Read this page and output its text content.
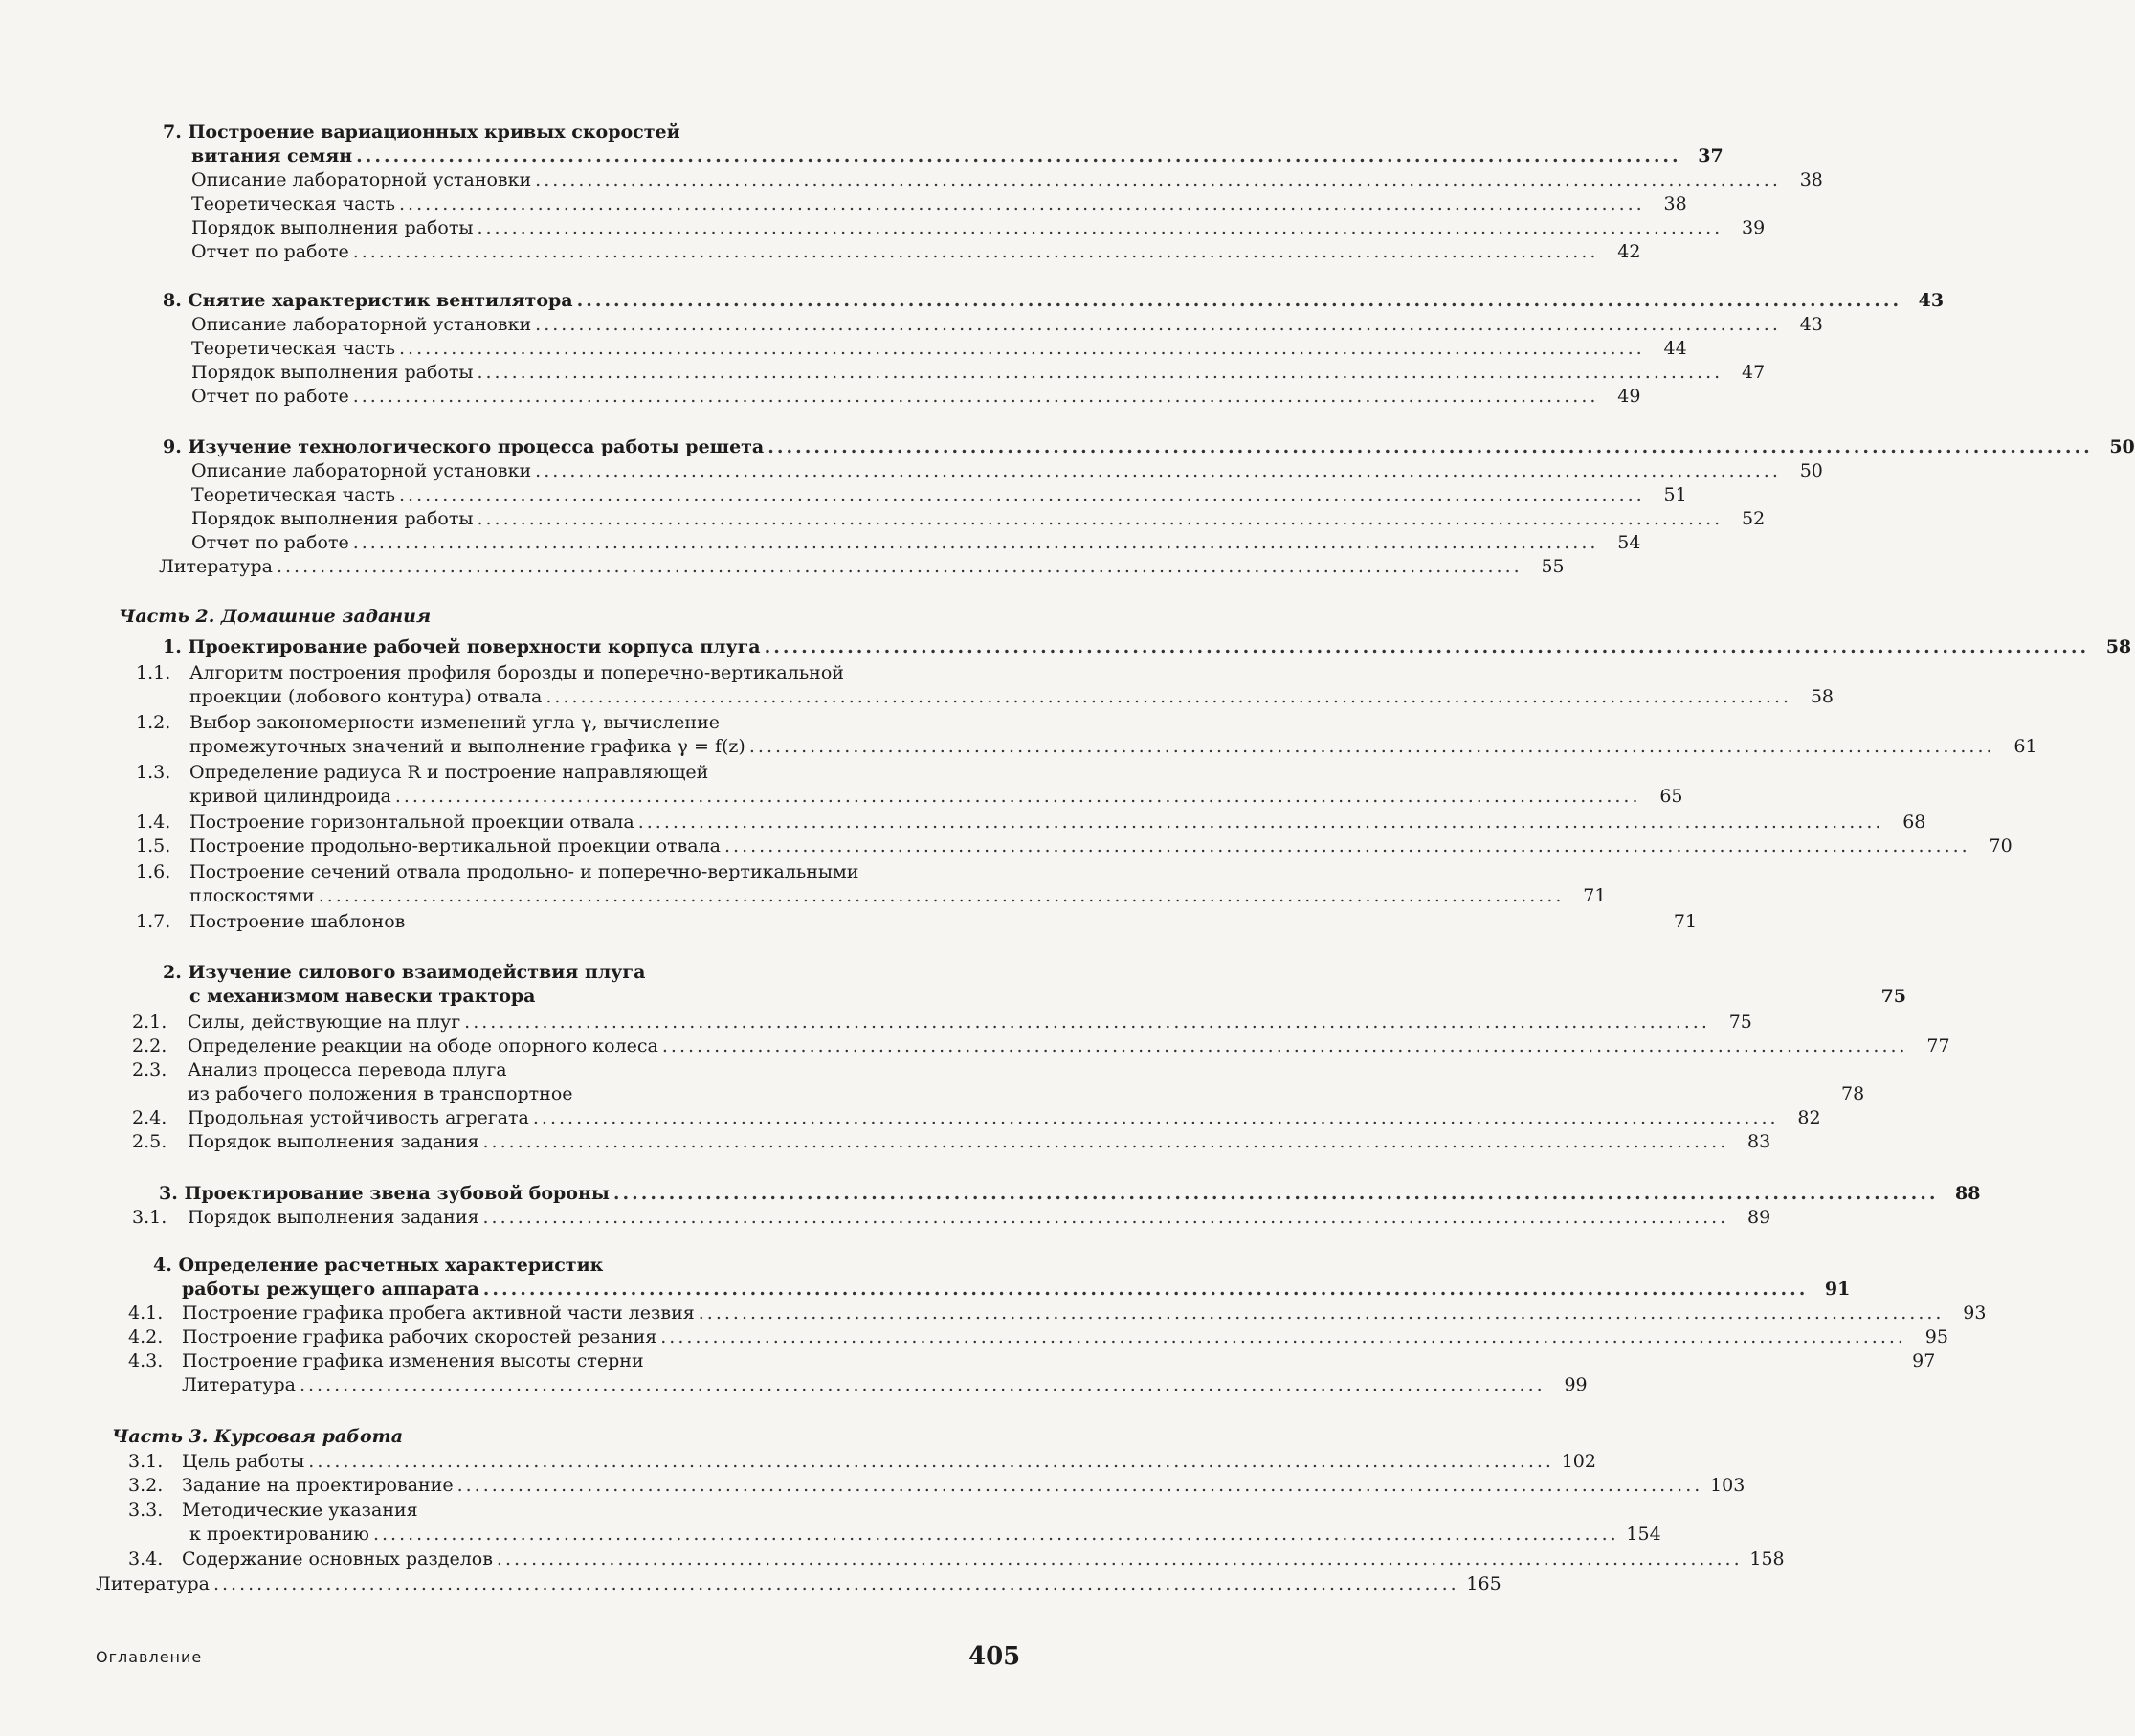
7. Построение вариационных кривых скоростей
витания семян ................................................................................................................................................ 37
Описание лабораторной установки ................................................................................................................................................	38
Теоретическая часть ................................................................................................................................................	38
Порядок выполнения работы ................................................................................................................................................	39
Отчет по работе ................................................................................................................................................	42
8. Снятие характеристик вентилятора ................................................................................................................................................ 43
Описание лабораторной установки ................................................................................................................................................	43
Теоретическая часть ................................................................................................................................................	44
Порядок выполнения работы ................................................................................................................................................	47
Отчет по работе ................................................................................................................................................	49
9. Изучение технологического процесса работы решета ................................................................................................................................................ 50
Описание лабораторной установки ................................................................................................................................................	50
Теоретическая часть ................................................................................................................................................	51
Порядок выполнения работы ................................................................................................................................................	52
Отчет по работе ................................................................................................................................................	54
Литература ................................................................................................................................................	55
Часть 2. Домашние задания
1. Проектирование рабочей поверхности корпуса плуга ................................................................................................................................................ 58
1.1. Алгоритм построения профиля борозды и поперечно-вертикальной
проекции (лобового контура) отвала ................................................................................................................................................	58
1.2. Выбор закономерности изменений угла γ, вычисление
промежуточных значений и выполнение графика γ = f(z) ................................................................................................................................................	61
1.3. Определение радиуса R и построение направляющей
кривой цилиндроида ................................................................................................................................................	65
1.4.	Построение горизонтальной проекции отвала ................................................................................................................................................	68
1.5.	Построение продольно-вертикальной проекции отвала ................................................................................................................................................	70
1.6. Построение сечений отвала продольно- и поперечно-вертикальными
плоскостями ................................................................................................................................................	71
1.7.	Построение шаблонов	71
2. Изучение силового взаимодействия плуга
с механизмом навески трактора	75
2.1.	Силы, действующие на плуг ................................................................................................................................................	75
2.2.	Определение реакции на ободе опорного колеса ................................................................................................................................................	77
2.3. Анализ процесса перевода плуга
из рабочего положения в транспортное	78
2.4.	Продольная устойчивость агрегата ................................................................................................................................................	82
2.5.	Порядок выполнения задания ................................................................................................................................................	83
3. Проектирование звена зубовой бороны ................................................................................................................................................ 88
3.1.	Порядок выполнения задания ................................................................................................................................................	89
4. Определение расчетных характеристик
работы режущего аппарата ................................................................................................................................................ 91
4.1.	Построение графика пробега активной части лезвия ................................................................................................................................................	93
4.2.	Построение графика рабочих скоростей резания ................................................................................................................................................	95
4.3.	Построение графика изменения высоты стерни	97
Литература ................................................................................................................................................	99
Часть 3. Курсовая работа
3.1.	Цель работы ................................................................................................................................................ 102
3.2.	Задание на проектирование ................................................................................................................................................ 103
3.3. Методические указания
к проектированию ................................................................................................................................................ 154
3.4.	Содержание основных разделов ................................................................................................................................................ 158
Литература ................................................................................................................................................ 165
Оглавление	405
